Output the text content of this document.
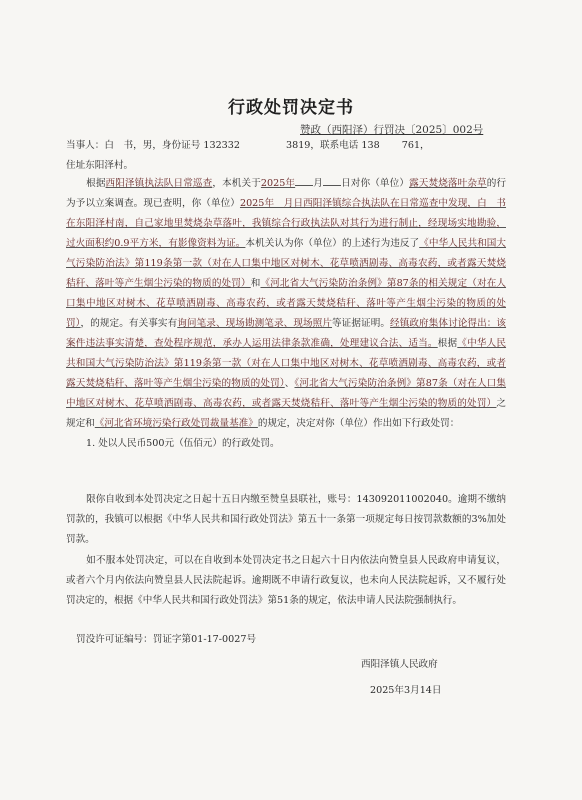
行政处罚决定书
赞政（西阳泽）行罚决〔2025〕002号

当事人：白　书，男，身份证号 132332	3819，联系电话 138 761，

住址东阳泽村。

根据西阳泽镇执法队日常巡查，本机关于2025年 月 日对你（单位）露天焚烧落叶杂草的行为予以立案调查。现已查明，你（单位）2025年　月日西阳泽镇综合执法队在日常巡查中发现，白　书在东阳泽村南，自己家地里焚烧杂草落叶，我镇综合行政执法队对其行为进行制止，经现场实地勘验，过火面积约0.9平方米，有影像资料为证。本机关认为你（单位）的上述行为违反了《中华人民共和国大气污染防治法》第119条第一款（对在人口集中地区对树木、花草喷洒剧毒、高毒农药，或者露天焚烧秸秆、落叶等产生烟尘污染的物质的处罚）和《河北省大气污染防治条例》第87条的相关规定（对在人口集中地区对树木、花草喷洒剧毒、高毒农药，或者露天焚烧秸秆、落叶等产生烟尘污染的物质的处罚），的规定。有关事实有询问笔录、现场勘测笔录、现场照片等证据证明。经镇政府集体讨论得出：该案件违法事实清楚，查处程序规范，承办人运用法律条款准确，处理建议合法、适当。根据《中华人民共和国大气污染防治法》第119条第一款（对在人口集中地区对树木、花草喷洒剧毒、高毒农药，或者露天焚烧秸秆、落叶等产生烟尘污染的物质的处罚）、《河北省大气污染防治条例》第87条（对在人口集中地区对树木、花草喷洒剧毒、高毒农药，或者露天焚烧秸秆、落叶等产生烟尘污染的物质的处罚）之规定和《河北省环境污染行政处罚裁量基准》的规定，决定对你（单位）作出如下行政处罚：

1. 处以人民币500元（伍佰元）的行政处罚。

限你自收到本处罚决定之日起十五日内缴至赞皇县联社，账号：143092011002040。逾期不缴纳罚款的，我镇可以根据《中华人民共和国行政处罚法》第五十一条第一项规定每日按罚款数额的3%加处罚款。

如不服本处罚决定，可以在自收到本处罚决定书之日起六十日内依法向赞皇县人民政府申请复议，或者六个月内依法向赞皇县人民法院起诉。逾期既不申请行政复议，也未向人民法院起诉，又不履行处罚决定的，根据《中华人民共和国行政处罚法》第51条的规定，依法申请人民法院强制执行。

罚没许可证编号：罚证字第01-17-0027号
西阳泽镇人民政府
2025年3月14日
